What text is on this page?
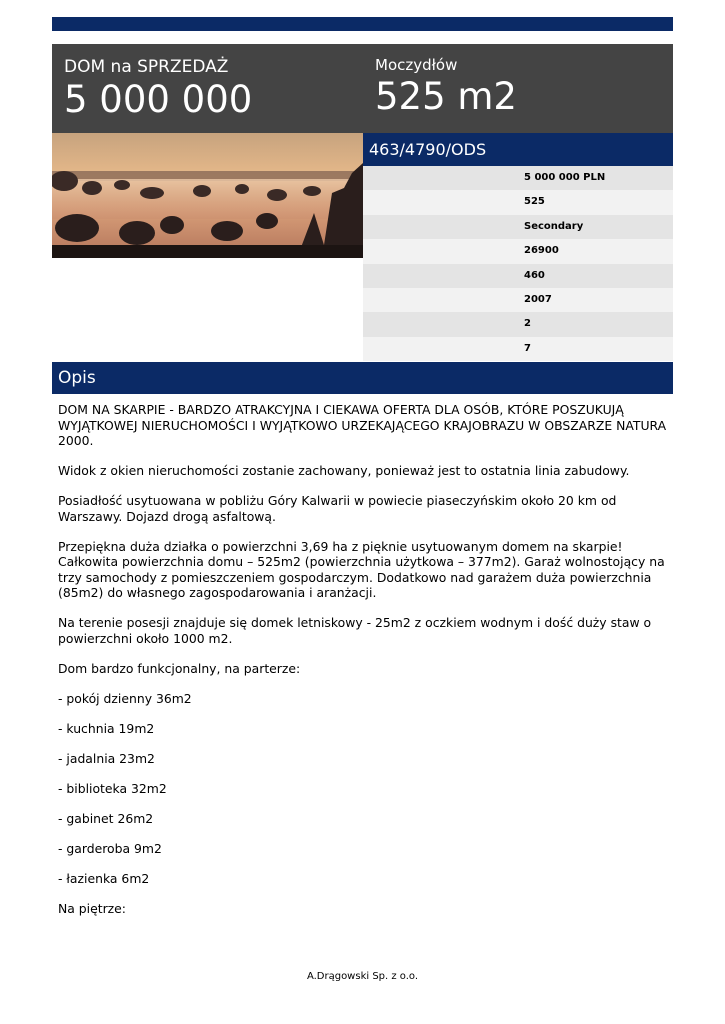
DOM na SPRZEDAŻ
5 000 000
Moczydłów
525 m2
463/4790/ODS
5 000 000 PLN
525
Secondary
26900
460
2007
2
7
Opis

DOM NA SKARPIE - BARDZO ATRAKCYJNA I CIEKAWA OFERTA DLA OSÓB, KTÓRE POSZUKUJĄ WYJĄTKOWEJ NIERUCHOMOŚCI I WYJĄTKOWO URZEKAJĄCEGO KRAJOBRAZU W OBSZARZE NATURA 2000.

Widok z okien nieruchomości zostanie zachowany, ponieważ jest to ostatnia linia zabudowy.

Posiadłość usytuowana w pobliżu Góry Kalwarii w powiecie piaseczyńskim około 20 km od Warszawy. Dojazd drogą asfaltową.

Przepiękna duża działka o powierzchni 3,69 ha z pięknie usytuowanym domem na skarpie! Całkowita powierzchnia domu – 525m2 (powierzchnia użytkowa – 377m2). Garaż wolnostojący na trzy samochody z pomieszczeniem gospodarczym. Dodatkowo nad garażem duża powierzchnia (85m2) do własnego zagospodarowania i aranżacji.

Na terenie posesji znajduje się domek letniskowy - 25m2 z oczkiem wodnym i dość duży staw o powierzchni około 1000 m2.

Dom bardzo funkcjonalny, na parterze:

- pokój dzienny 36m2

- kuchnia 19m2

- jadalnia 23m2

- biblioteka 32m2

- gabinet 26m2

- garderoba 9m2

- łazienka 6m2

Na piętrze:

A.Drągowski Sp. z o.o.
